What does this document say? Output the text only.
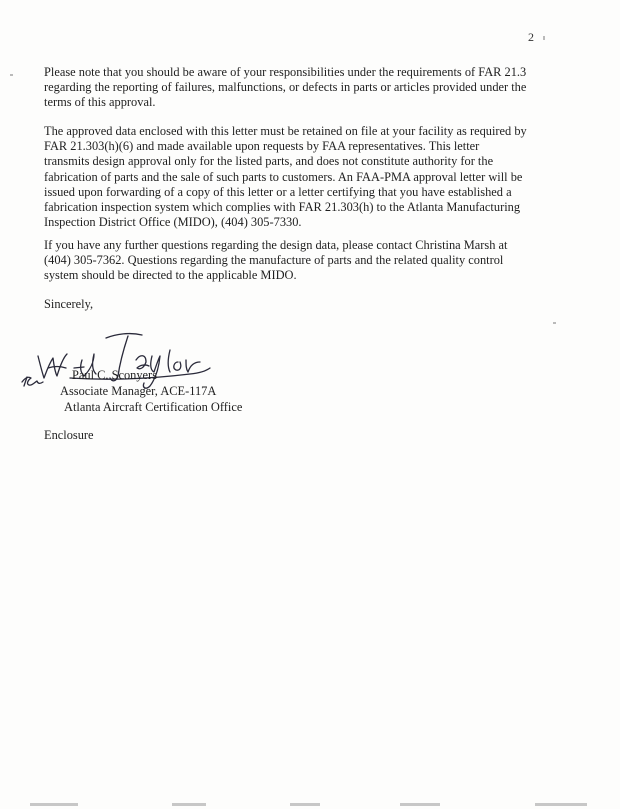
2

Please note that you should be aware of your responsibilities under the requirements of FAR 21.3
regarding the reporting of failures, malfunctions, or defects in parts or articles provided under the
terms of this approval.

The approved data enclosed with this letter must be retained on file at your facility as required by
FAR 21.303(h)(6) and made available upon requests by FAA representatives. This letter
transmits design approval only for the listed parts, and does not constitute authority for the
fabrication of parts and the sale of such parts to customers. An FAA-PMA approval letter will be
issued upon forwarding of a copy of this letter or a letter certifying that you have established a
fabrication inspection system which complies with FAR 21.303(h) to the Atlanta Manufacturing
Inspection District Office (MIDO), (404) 305-7330.

If you have any further questions regarding the design data, please contact Christina Marsh at
(404) 305-7362. Questions regarding the manufacture of parts and the related quality control
system should be directed to the applicable MIDO.

Sincerely,

Paul C. Sconyers
Associate Manager, ACE-117A
Atlanta Aircraft Certification Office
Enclosure
